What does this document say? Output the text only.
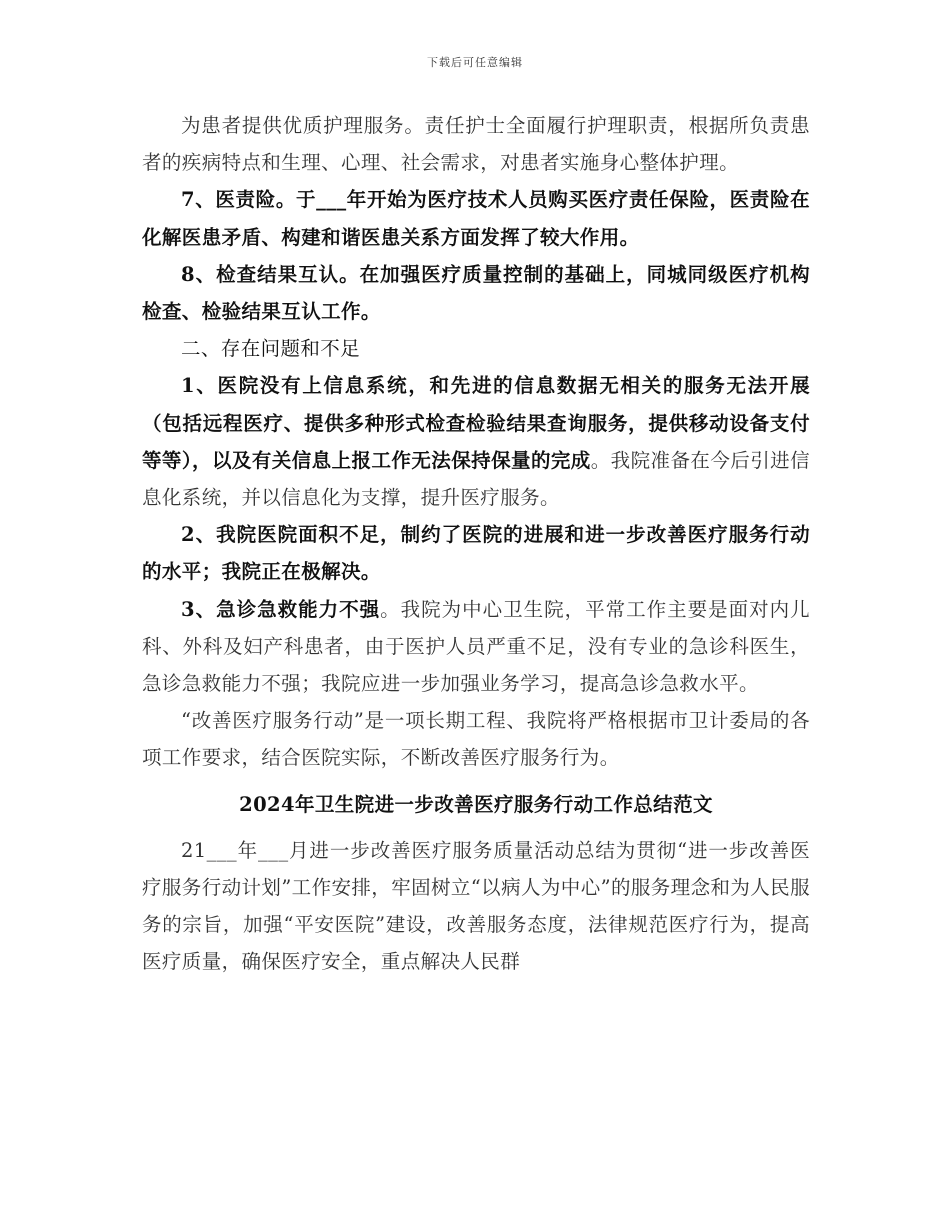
下载后可任意编辑

为患者提供优质护理服务。责任护士全面履行护理职责，根据所负责患者的疾病特点和生理、心理、社会需求，对患者实施身心整体护理。

7、医责险。于___年开始为医疗技术人员购买医疗责任保险，医责险在化解医患矛盾、构建和谐医患关系方面发挥了较大作用。

8、检查结果互认。在加强医疗质量控制的基础上，同城同级医疗机构检查、检验结果互认工作。

二、存在问题和不足

1、医院没有上信息系统，和先进的信息数据无相关的服务无法开展（包括远程医疗、提供多种形式检查检验结果查询服务，提供移动设备支付等等），以及有关信息上报工作无法保持保量的完成。我院准备在今后引进信息化系统，并以信息化为支撑，提升医疗服务。

2、我院医院面积不足，制约了医院的进展和进一步改善医疗服务行动的水平；我院正在极解决。

3、急诊急救能力不强。我院为中心卫生院，平常工作主要是面对内儿科、外科及妇产科患者，由于医护人员严重不足，没有专业的急诊科医生，急诊急救能力不强；我院应进一步加强业务学习，提高急诊急救水平。

“改善医疗服务行动”是一项长期工程、我院将严格根据市卫计委局的各项工作要求，结合医院实际，不断改善医疗服务行为。

2024年卫生院进一步改善医疗服务行动工作总结范文

21___年___月进一步改善医疗服务质量活动总结为贯彻“进一步改善医疗服务行动计划”工作安排，牢固树立“以病人为中心”的服务理念和为人民服务的宗旨，加强“平安医院”建设，改善服务态度，法律规范医疗行为，提高医疗质量，确保医疗安全，重点解决人民群
